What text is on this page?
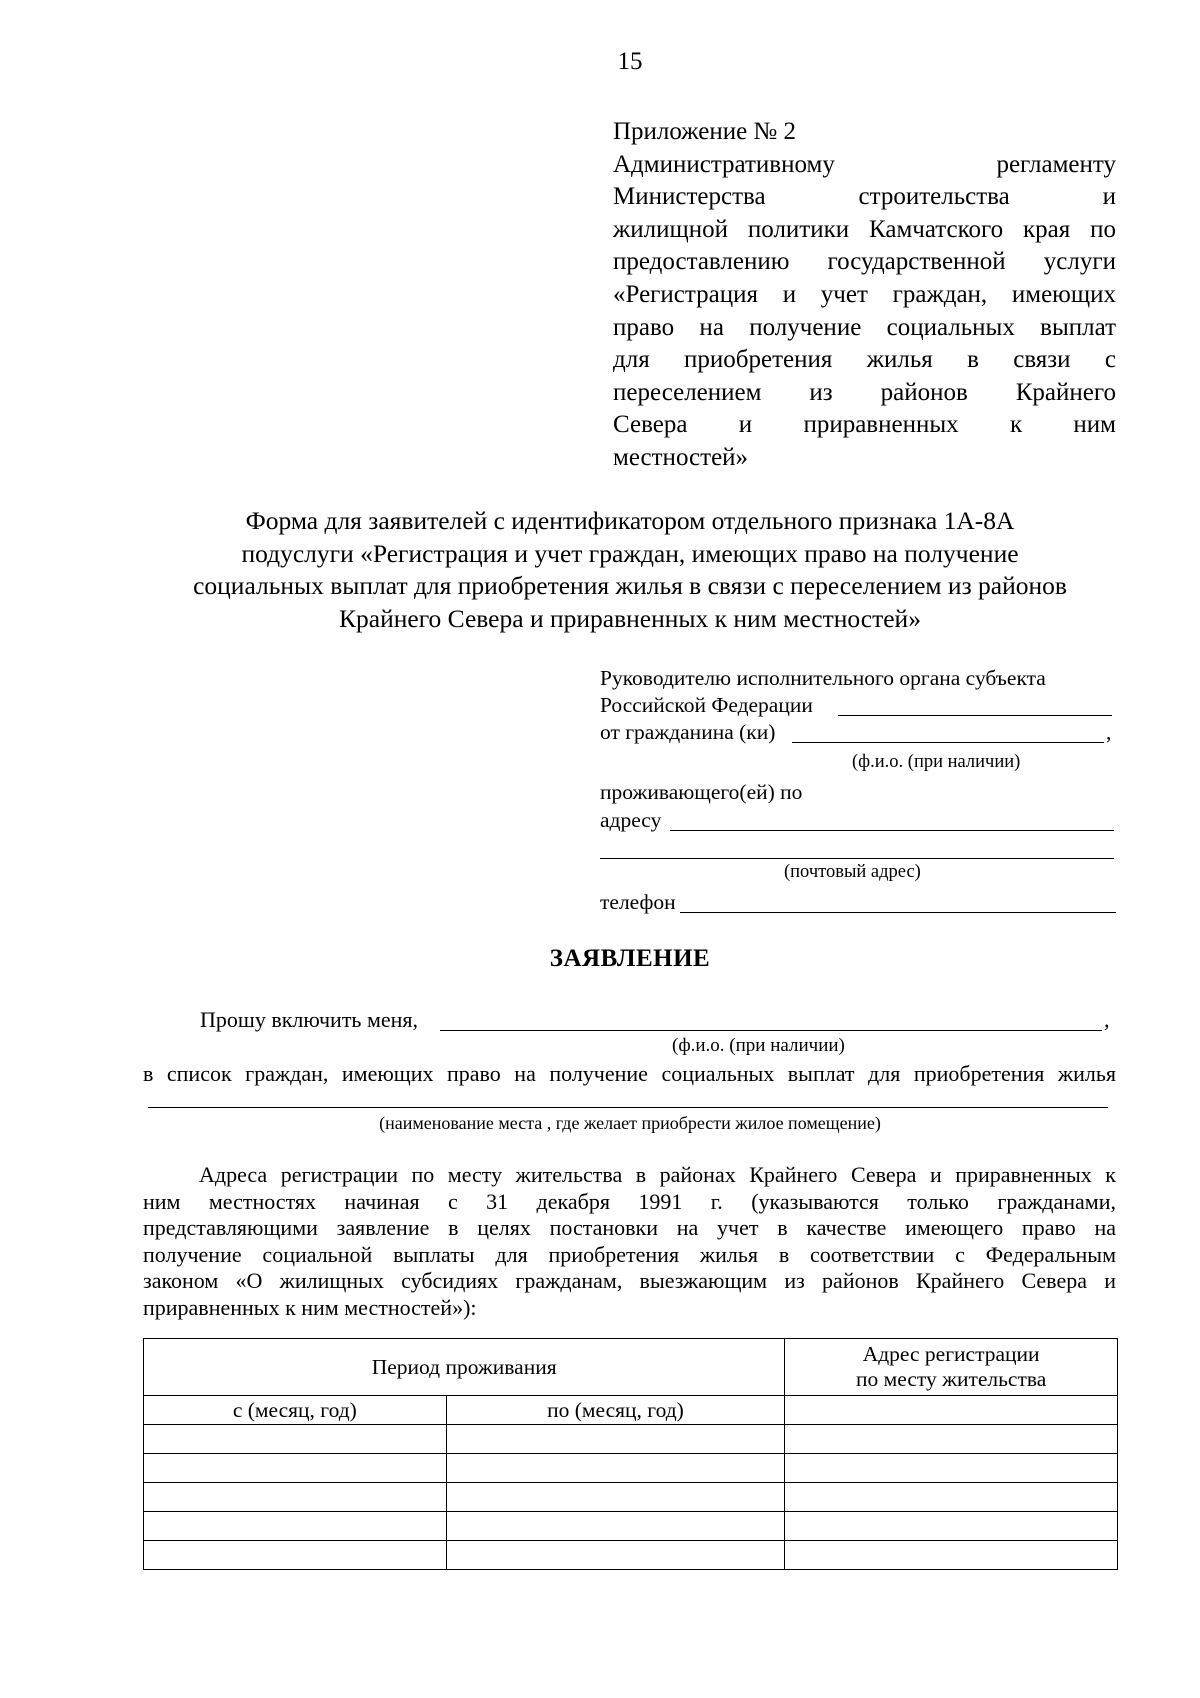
15
Приложение № 2
Административному регламенту
Министерства строительства и
жилищной политики Камчатского края по
предоставлению государственной услуги
«Регистрация и учет граждан, имеющих
право на получение социальных выплат
для приобретения жилья в связи с
переселением из районов Крайнего
Севера и приравненных к ним
местностей»
Форма для заявителей с идентификатором отдельного признака 1А-8А
подуслуги «Регистрация и учет граждан, имеющих право на получение
социальных выплат для приобретения жилья в связи с переселением из районов
Крайнего Севера и приравненных к ним местностей»
Руководителю исполнительного органа субъекта
Российской Федерации
от гражданина (ки)	,
(ф.и.о. (при наличии)
проживающего(ей) по
адресу
(почтовый адрес)
телефон
ЗАЯВЛЕНИЕ
Прошу включить меня,	,
(ф.и.о. (при наличии)
в список граждан, имеющих право на получение социальных выплат для приобретения жилья
(наименование места , где желает приобрести жилое помещение)
Адреса регистрации по месту жительства в районах Крайнего Севера и приравненных к
ним местностях начиная с 31 декабря 1991 г. (указываются только гражданами,
представляющими заявление в целях постановки на учет в качестве имеющего право на
получение социальной выплаты для приобретения жилья в соответствии с Федеральным
законом «О жилищных субсидиях гражданам, выезжающим из районов Крайнего Севера и
приравненных к ним местностей»):
Период проживания		Адрес регистрации
по месту жительства

с (месяц, год)	по (месяц, год)	
